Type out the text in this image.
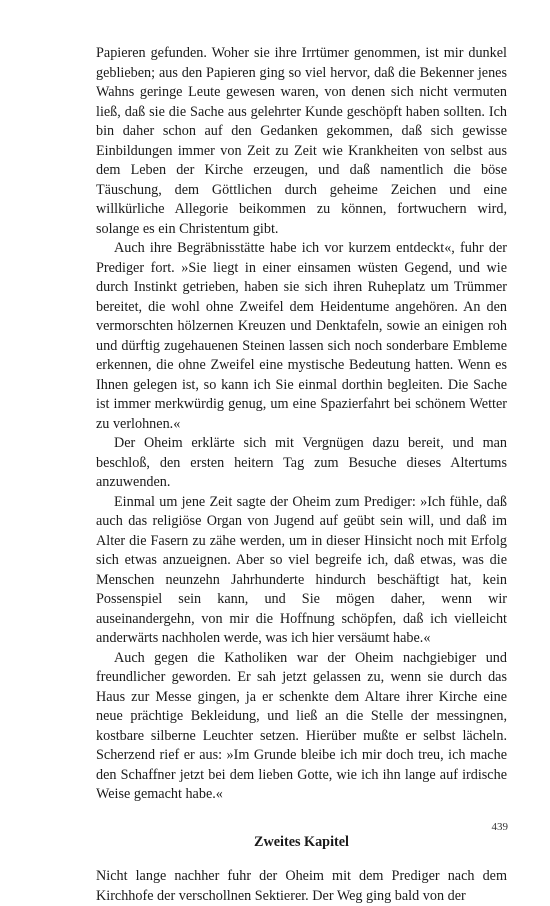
Papieren gefunden. Woher sie ihre Irrtümer genommen, ist mir dunkel geblieben; aus den Papieren ging so viel hervor, daß die Bekenner jenes Wahns geringe Leute gewesen waren, von denen sich nicht vermuten ließ, daß sie die Sache aus gelehrter Kunde geschöpft haben sollten. Ich bin daher schon auf den Gedanken gekommen, daß sich gewisse Einbildungen immer von Zeit zu Zeit wie Krankheiten von selbst aus dem Leben der Kirche erzeugen, und daß namentlich die böse Täuschung, dem Göttlichen durch geheime Zeichen und eine willkürliche Allegorie beikommen zu können, fortwuchern wird, solange es ein Christentum gibt.

Auch ihre Begräbnisstätte habe ich vor kurzem entdeckt«, fuhr der Prediger fort. »Sie liegt in einer einsamen wüsten Gegend, und wie durch Instinkt getrieben, haben sie sich ihren Ruheplatz um Trümmer bereitet, die wohl ohne Zweifel dem Heidentume angehören. An den vermorschten hölzernen Kreuzen und Denktafeln, sowie an einigen roh und dürftig zugehauenen Steinen lassen sich noch sonderbare Embleme erkennen, die ohne Zweifel eine mystische Bedeutung hatten. Wenn es Ihnen gelegen ist, so kann ich Sie einmal dorthin begleiten. Die Sache ist immer merkwürdig genug, um eine Spazierfahrt bei schönem Wetter zu verlohnen.«

Der Oheim erklärte sich mit Vergnügen dazu bereit, und man beschloß, den ersten heitern Tag zum Besuche dieses Altertums anzuwenden.

Einmal um jene Zeit sagte der Oheim zum Prediger: »Ich fühle, daß auch das religiöse Organ von Jugend auf geübt sein will, und daß im Alter die Fasern zu zähe werden, um in dieser Hinsicht noch mit Erfolg sich etwas anzueignen. Aber so viel begreife ich, daß etwas, was die Menschen neunzehn Jahrhunderte hindurch beschäftigt hat, kein Possenspiel sein kann, und Sie mögen daher, wenn wir auseinandergehn, von mir die Hoffnung schöpfen, daß ich vielleicht anderwärts nachholen werde, was ich hier versäumt habe.«

Auch gegen die Katholiken war der Oheim nachgiebiger und freundlicher geworden. Er sah jetzt gelassen zu, wenn sie durch das Haus zur Messe gingen, ja er schenkte dem Altare ihrer Kirche eine neue prächtige Bekleidung, und ließ an die Stelle der messingnen, kostbare silberne Leuchter setzen. Hierüber mußte er selbst lächeln. Scherzend rief er aus: »Im Grunde bleibe ich mir doch treu, ich mache den Schaffner jetzt bei dem lieben Gotte, wie ich ihn lange auf irdische Weise gemacht habe.«

Zweites Kapitel

Nicht lange nachher fuhr der Oheim mit dem Prediger nach dem Kirchhofe der verschollnen Sektierer. Der Weg ging bald von der

439
